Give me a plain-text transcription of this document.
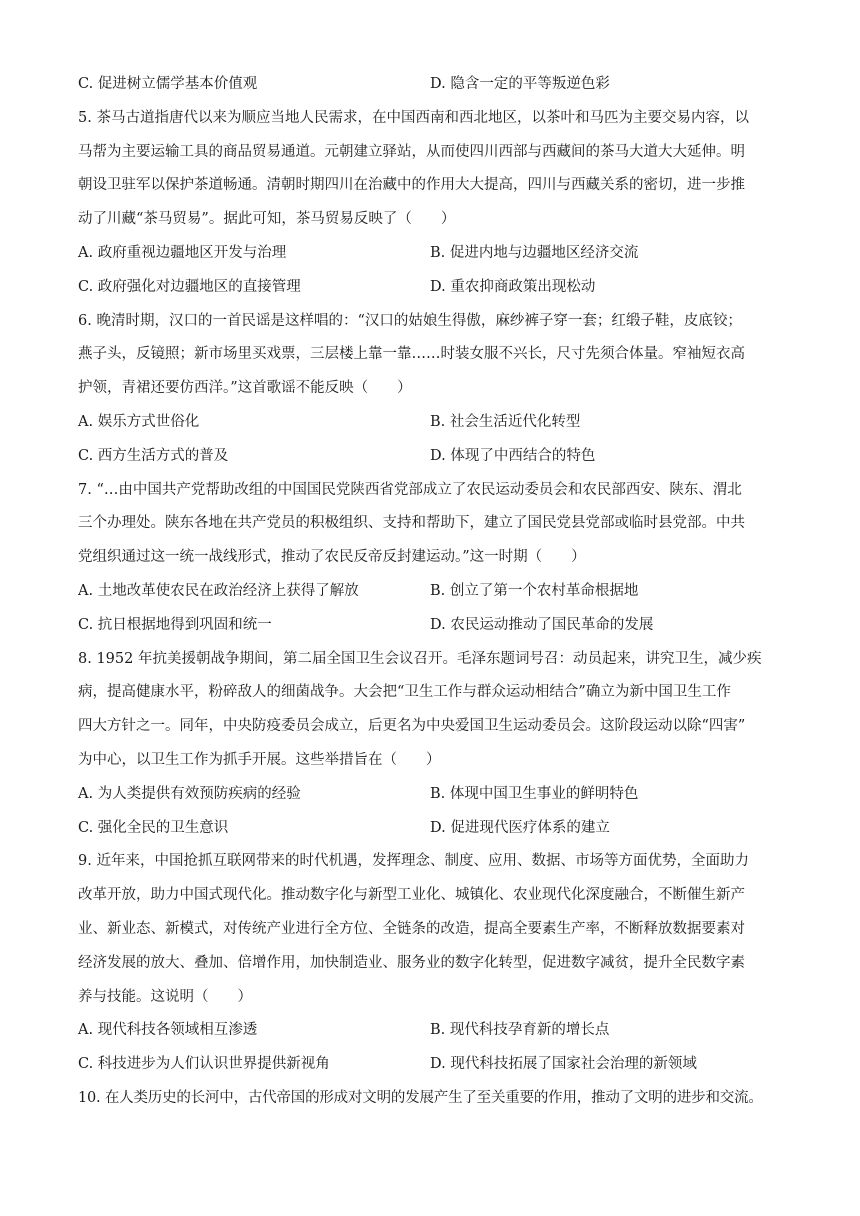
C. 促进树立儒学基本价值观	D. 隐含一定的平等叛逆色彩
5. 茶马古道指唐代以来为顺应当地人民需求，在中国西南和西北地区，以茶叶和马匹为主要交易内容，以
马帮为主要运输工具的商品贸易通道。元朝建立驿站，从而使四川西部与西藏间的茶马大道大大延伸。明
朝设卫驻军以保护茶道畅通。清朝时期四川在治藏中的作用大大提高，四川与西藏关系的密切，进一步推
动了川藏“茶马贸易”。据此可知，茶马贸易反映了（　　）
A. 政府重视边疆地区开发与治理	B. 促进内地与边疆地区经济交流
C. 政府强化对边疆地区的直接管理	D. 重农抑商政策出现松动
6. 晚清时期，汉口的一首民谣是这样唱的：“汉口的姑娘生得傲，麻纱裤子穿一套；红缎子鞋，皮底铰；
燕子头，反镜照；新市场里买戏票，三层楼上靠一靠……时装女服不兴长，尺寸先须合体量。窄袖短衣高
护领，青裙还要仿西洋。”这首歌谣不能反映（　　）
A. 娱乐方式世俗化	B. 社会生活近代化转型
C. 西方生活方式的普及	D. 体现了中西结合的特色
7. “…由中国共产党帮助改组的中国国民党陕西省党部成立了农民运动委员会和农民部西安、陕东、渭北
三个办理处。陕东各地在共产党员的积极组织、支持和帮助下，建立了国民党县党部或临时县党部。中共
党组织通过这一统一战线形式，推动了农民反帝反封建运动。”这一时期（　　）
A. 土地改革使农民在政治经济上获得了解放	B. 创立了第一个农村革命根据地
C. 抗日根据地得到巩固和统一	D. 农民运动推动了国民革命的发展
8. 1952 年抗美援朝战争期间，第二届全国卫生会议召开。毛泽东题词号召：动员起来，讲究卫生，减少疾
病，提高健康水平，粉碎敌人的细菌战争。大会把“卫生工作与群众运动相结合”确立为新中国卫生工作
四大方针之一。同年，中央防疫委员会成立，后更名为中央爱国卫生运动委员会。这阶段运动以除“四害”
为中心，以卫生工作为抓手开展。这些举措旨在（　　）
A. 为人类提供有效预防疾病的经验	B. 体现中国卫生事业的鲜明特色
C. 强化全民的卫生意识	D. 促进现代医疗体系的建立
9. 近年来，中国抢抓互联网带来的时代机遇，发挥理念、制度、应用、数据、市场等方面优势，全面助力
改革开放，助力中国式现代化。推动数字化与新型工业化、城镇化、农业现代化深度融合，不断催生新产
业、新业态、新模式，对传统产业进行全方位、全链条的改造，提高全要素生产率，不断释放数据要素对
经济发展的放大、叠加、倍增作用，加快制造业、服务业的数字化转型，促进数字减贫，提升全民数字素
养与技能。这说明（　　）
A. 现代科技各领域相互渗透	B. 现代科技孕育新的增长点
C. 科技进步为人们认识世界提供新视角	D. 现代科技拓展了国家社会治理的新领域
10. 在人类历史的长河中，古代帝国的形成对文明的发展产生了至关重要的作用，推动了文明的进步和交流。
